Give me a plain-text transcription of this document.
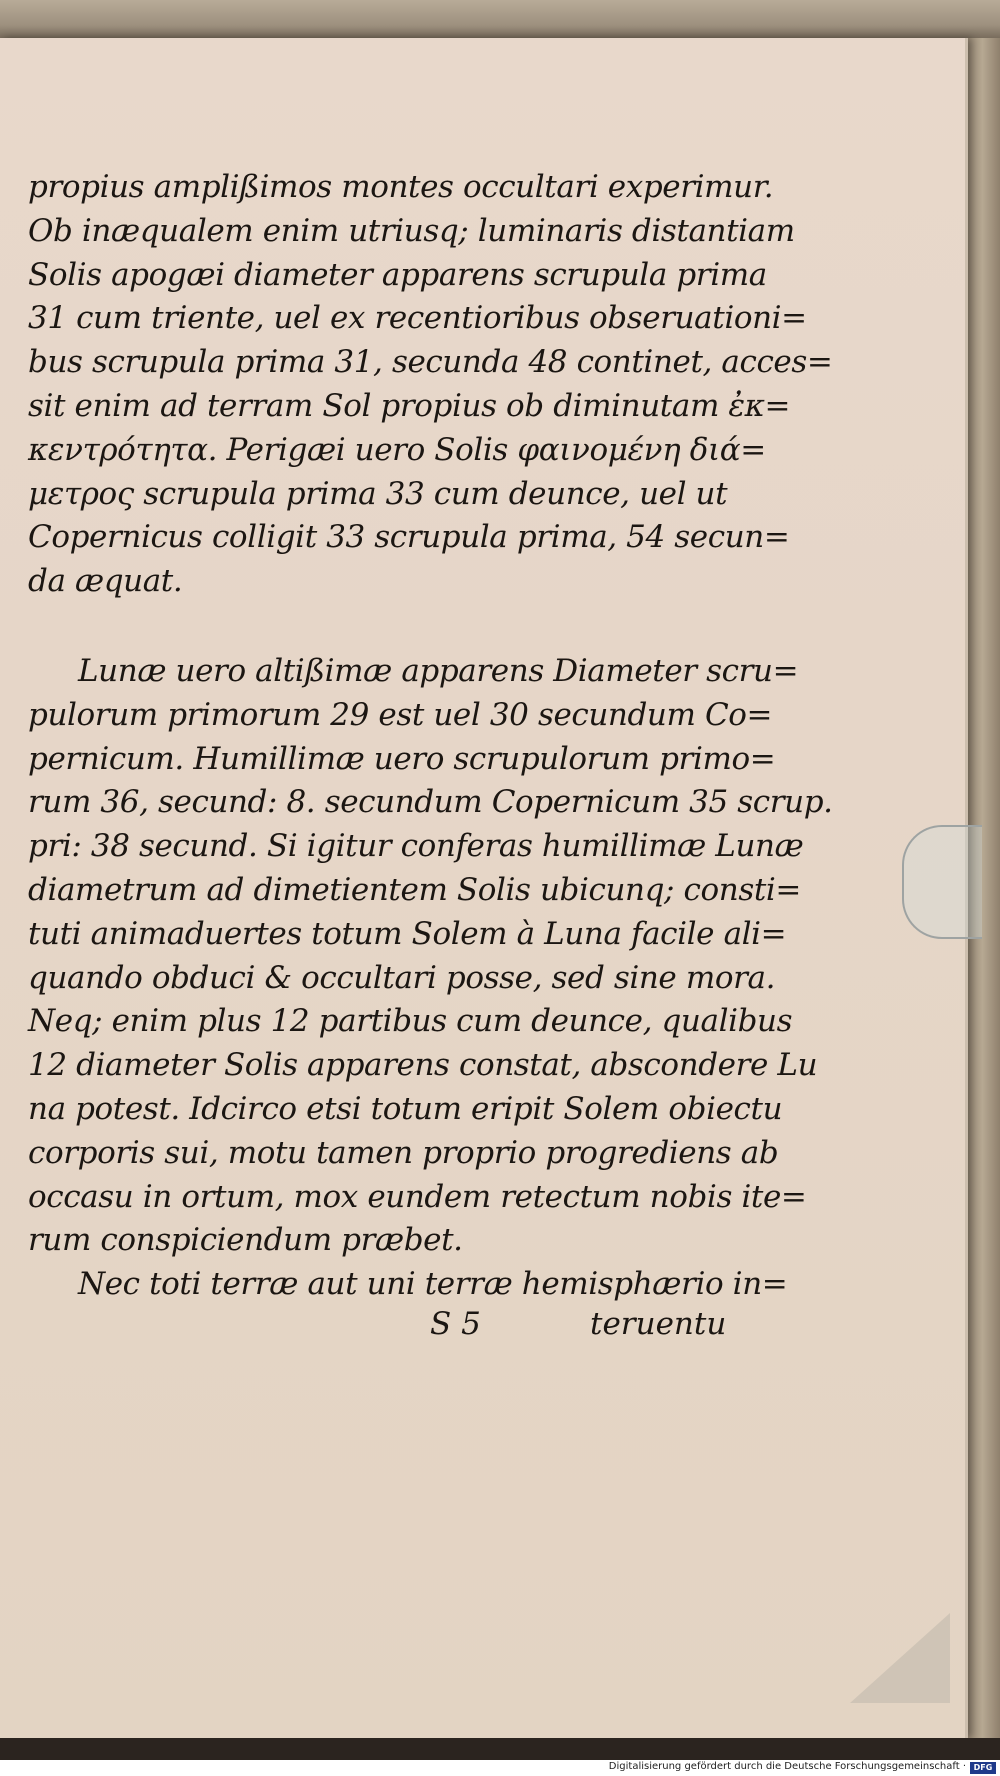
propius amplißimos montes occultari experimur.
Ob inæqualem enim utriusq; luminaris distantiam
Solis apogæi diameter apparens scrupula prima
31 cum triente, uel ex recentioribus obseruationi=
bus scrupula prima 31, secunda 48 continet, acces=
sit enim ad terram Sol propius ob diminutam ἐκ=
κεντρότητα. Perigæi uero Solis φαινομένη διά=
μετρος scrupula prima 33 cum deunce, uel ut
Copernicus colligit 33 scrupula prima, 54 secun=
da æquat.
Lunæ uero altißimæ apparens Diameter scru=
pulorum primorum 29 est uel 30 secundum Co=
pernicum. Humillimæ uero scrupulorum primo=
rum 36, secund: 8. secundum Copernicum 35 scrup.
pri: 38 secund. Si igitur conferas humillimæ Lunæ
diametrum ad dimetientem Solis ubicunq; consti=
tuti animaduertes totum Solem à Luna facile ali=
quando obduci & occultari posse, sed sine mora.
Neq; enim plus 12 partibus cum deunce, qualibus
12 diameter Solis apparens constat, abscondere Lu
na potest. Idcirco etsi totum eripit Solem obiectu
corporis sui, motu tamen proprio progrediens ab
occasu in ortum, mox eundem retectum nobis ite=
rum conspiciendum præbet.
Nec toti terræ aut uni terræ hemisphærio in=
S 5	teruentu
Digitalisierung gefördert durch die Deutsche Forschungsgemeinschaft · DFG
